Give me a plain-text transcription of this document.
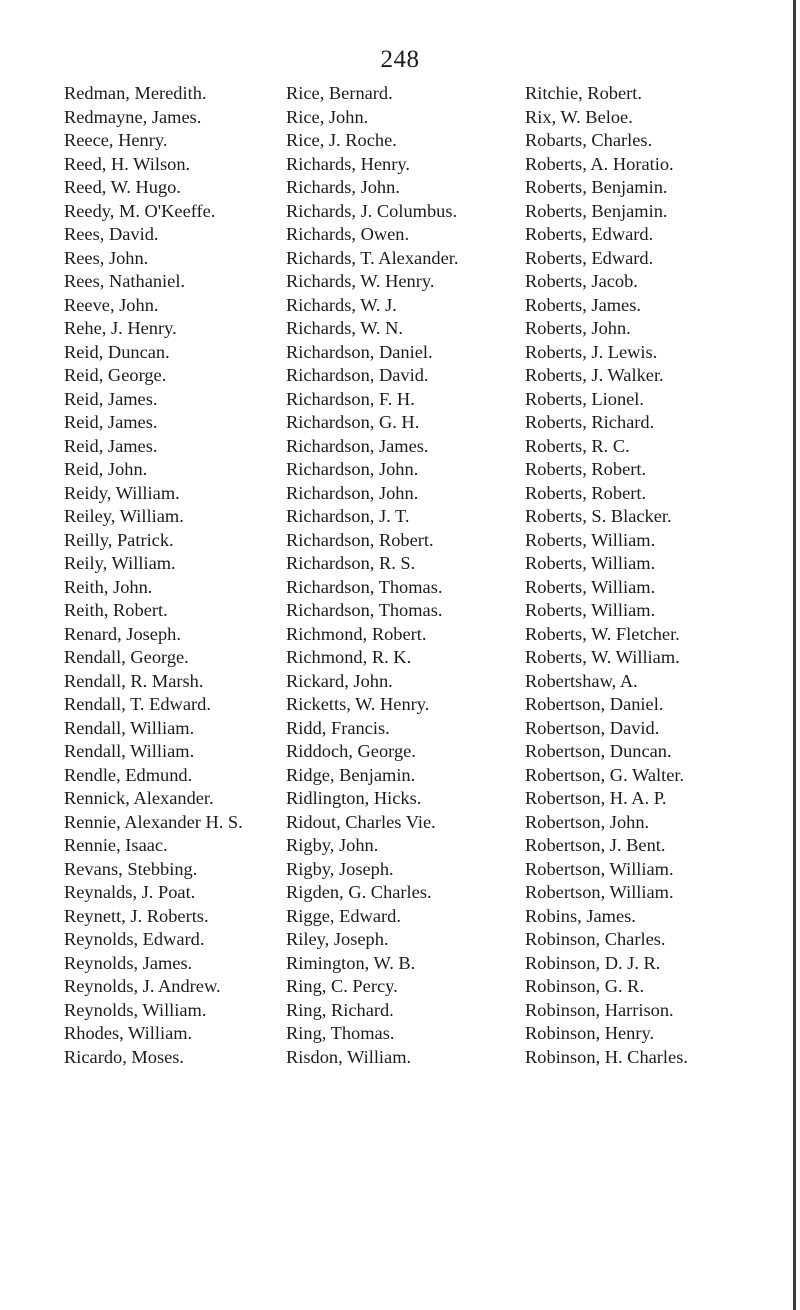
248
Redman, Meredith.
Redmayne, James.
Reece, Henry.
Reed, H. Wilson.
Reed, W. Hugo.
Reedy, M. O'Keeffe.
Rees, David.
Rees, John.
Rees, Nathaniel.
Reeve, John.
Rehe, J. Henry.
Reid, Duncan.
Reid, George.
Reid, James.
Reid, James.
Reid, James.
Reid, John.
Reidy, William.
Reiley, William.
Reilly, Patrick.
Reily, William.
Reith, John.
Reith, Robert.
Renard, Joseph.
Rendall, George.
Rendall, R. Marsh.
Rendall, T. Edward.
Rendall, William.
Rendall, William.
Rendle, Edmund.
Rennick, Alexander.
Rennie, Alexander H. S.
Rennie, Isaac.
Revans, Stebbing.
Reynalds, J. Poat.
Reynett, J. Roberts.
Reynolds, Edward.
Reynolds, James.
Reynolds, J. Andrew.
Reynolds, William.
Rhodes, William.
Ricardo, Moses.
Rice, Bernard.
Rice, John.
Rice, J. Roche.
Richards, Henry.
Richards, John.
Richards, J. Columbus.
Richards, Owen.
Richards, T. Alexander.
Richards, W. Henry.
Richards, W. J.
Richards, W. N.
Richardson, Daniel.
Richardson, David.
Richardson, F. H.
Richardson, G. H.
Richardson, James.
Richardson, John.
Richardson, John.
Richardson, J. T.
Richardson, Robert.
Richardson, R. S.
Richardson, Thomas.
Richardson, Thomas.
Richmond, Robert.
Richmond, R. K.
Rickard, John.
Ricketts, W. Henry.
Ridd, Francis.
Riddoch, George.
Ridge, Benjamin.
Ridlington, Hicks.
Ridout, Charles Vie.
Rigby, John.
Rigby, Joseph.
Rigden, G. Charles.
Rigge, Edward.
Riley, Joseph.
Rimington, W. B.
Ring, C. Percy.
Ring, Richard.
Ring, Thomas.
Risdon, William.
Ritchie, Robert.
Rix, W. Beloe.
Robarts, Charles.
Roberts, A. Horatio.
Roberts, Benjamin.
Roberts, Benjamin.
Roberts, Edward.
Roberts, Edward.
Roberts, Jacob.
Roberts, James.
Roberts, John.
Roberts, J. Lewis.
Roberts, J. Walker.
Roberts, Lionel.
Roberts, Richard.
Roberts, R. C.
Roberts, Robert.
Roberts, Robert.
Roberts, S. Blacker.
Roberts, William.
Roberts, William.
Roberts, William.
Roberts, William.
Roberts, W. Fletcher.
Roberts, W. William.
Robertshaw, A.
Robertson, Daniel.
Robertson, David.
Robertson, Duncan.
Robertson, G. Walter.
Robertson, H. A. P.
Robertson, John.
Robertson, J. Bent.
Robertson, William.
Robertson, William.
Robins, James.
Robinson, Charles.
Robinson, D. J. R.
Robinson, G. R.
Robinson, Harrison.
Robinson, Henry.
Robinson, H. Charles.
